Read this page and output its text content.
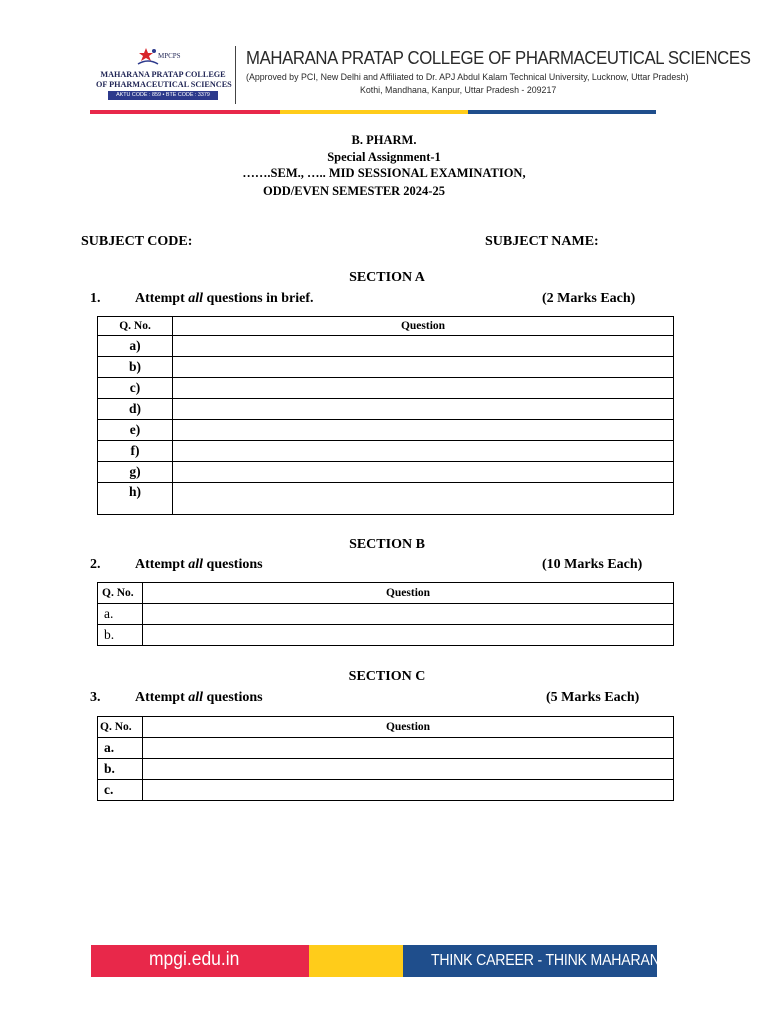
MPCPS
MAHARANA PRATAP COLLEGE
OF PHARMACEUTICAL SCIENCES
AKTU CODE : 859 • BTE CODE : 3379
MAHARANA PRATAP COLLEGE OF PHARMACEUTICAL SCIENCES
(Approved by PCI, New Delhi and Affiliated to Dr. APJ Abdul Kalam Technical University, Lucknow, Uttar Pradesh)
Kothi, Mandhana, Kanpur, Uttar Pradesh - 209217
B. PHARM.
Special Assignment-1
…….SEM., ….. MID SESSIONAL EXAMINATION,
ODD/EVEN SEMESTER 2024-25
SUBJECT CODE:	SUBJECT NAME:
SECTION A
1. Attempt all questions in brief.	(2 Marks Each)
Q. No.	Question
a)	
b)	
c)	
d)	
e)	
f)	
g)	
h)	
SECTION B
2. Attempt all questions	(10 Marks Each)
Q. No.	Question
a.	
b.	
SECTION C
3. Attempt all questions	(5 Marks Each)
Q. No.	Question
a.	
b.	
c.	
mpgi.edu.in	THINK CAREER - THINK MAHARANA
